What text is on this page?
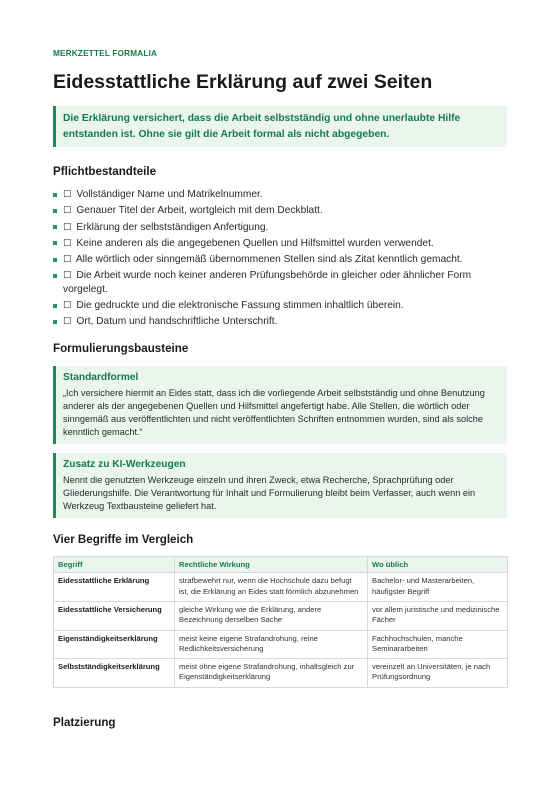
MERKZETTEL FORMALIA

Eidesstattliche Erklärung auf zwei Seiten
Die Erklärung versichert, dass die Arbeit selbstständig und ohne unerlaubte Hilfe entstanden ist. Ohne sie gilt die Arbeit formal als nicht abgegeben.
Pflichtbestandteile
☐ Vollständiger Name und Matrikelnummer.
☐ Genauer Titel der Arbeit, wortgleich mit dem Deckblatt.
☐ Erklärung der selbstständigen Anfertigung.
☐ Keine anderen als die angegebenen Quellen und Hilfsmittel wurden verwendet.
☐ Alle wörtlich oder sinngemäß übernommenen Stellen sind als Zitat kenntlich gemacht.
☐ Die Arbeit wurde noch keiner anderen Prüfungsbehörde in gleicher oder ähnlicher Form vorgelegt.
☐ Die gedruckte und die elektronische Fassung stimmen inhaltlich überein.
☐ Ort, Datum und handschriftliche Unterschrift.
Formulierungsbausteine
Standardformel
„Ich versichere hiermit an Eides statt, dass ich die vorliegende Arbeit selbstständig und ohne Benutzung anderer als der angegebenen Quellen und Hilfsmittel angefertigt habe. Alle Stellen, die wörtlich oder sinngemäß aus veröffentlichten und nicht veröffentlichten Schriften entnommen wurden, sind als solche kenntlich gemacht.“
Zusatz zu KI-Werkzeugen
Nennt die genutzten Werkzeuge einzeln und ihren Zweck, etwa Recherche, Sprachprüfung oder Gliederungshilfe. Die Verantwortung für Inhalt und Formulierung bleibt beim Verfasser, auch wenn ein Werkzeug Textbausteine geliefert hat.
Vier Begriffe im Vergleich
Begriff	Rechtliche Wirkung	Wo üblich
Eidesstattliche Erklärung	strafbewehrt nur, wenn die Hochschule dazu befugt ist, die Erklärung an Eides statt förmlich abzunehmen	Bachelor- und Masterarbeiten, häufigster Begriff
Eidesstattliche Versicherung	gleiche Wirkung wie die Erklärung, andere Bezeichnung derselben Sache	vor allem juristische und medizinische Fächer
Eigenständigkeitserklärung	meist keine eigene Strafandrohung, reine Redlichkeitsversicherung	Fachhochschulen, manche Seminararbeiten
Selbstständigkeitserklärung	meist ohne eigene Strafandrohung, inhaltsgleich zur Eigenständigkeitserklärung	vereinzelt an Universitäten, je nach Prüfungsordnung
Platzierung
